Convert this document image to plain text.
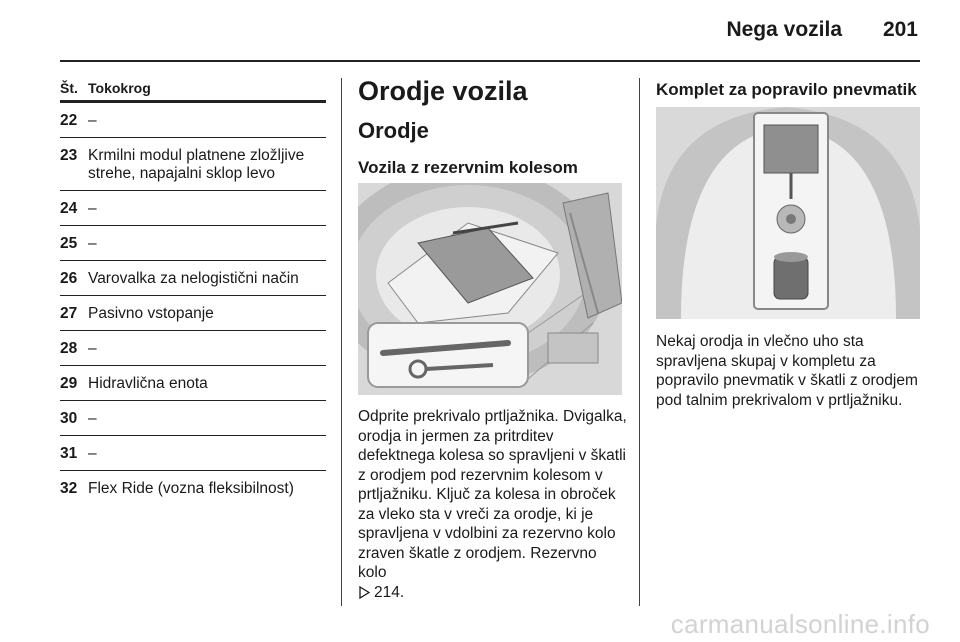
Nega vozila 201
Št. Tokokrog
22 –
23 Krmilni modul platnene zložljive strehe, napajalni sklop levo
24 –
25 –
26 Varovalka za nelogistični način
27 Pasivno vstopanje
28 –
29 Hidravlična enota
30 –
31 –
32 Flex Ride (vozna fleksibilnost)
Orodje vozila
Orodje
Vozila z rezervnim kolesom
Odprite prekrivalo prtljažnika. Dvigalka, orodja in jermen za pritrditev defektnega kolesa so spravljeni v škatli z orodjem pod rezervnim kolesom v prtljažniku. Ključ za kolesa in obroček za vleko sta v vreči za orodje, ki je spravljena v vdolbini za rezervno kolo zraven škatle z orodjem. Rezervno kolo

214.
Komplet za popravilo pnevmatik
Nekaj orodja in vlečno uho sta spravljena skupaj v kompletu za popravilo pnevmatik v škatli z orodjem pod talnim prekrivalom v prtljažniku.
carmanualsonline.info
